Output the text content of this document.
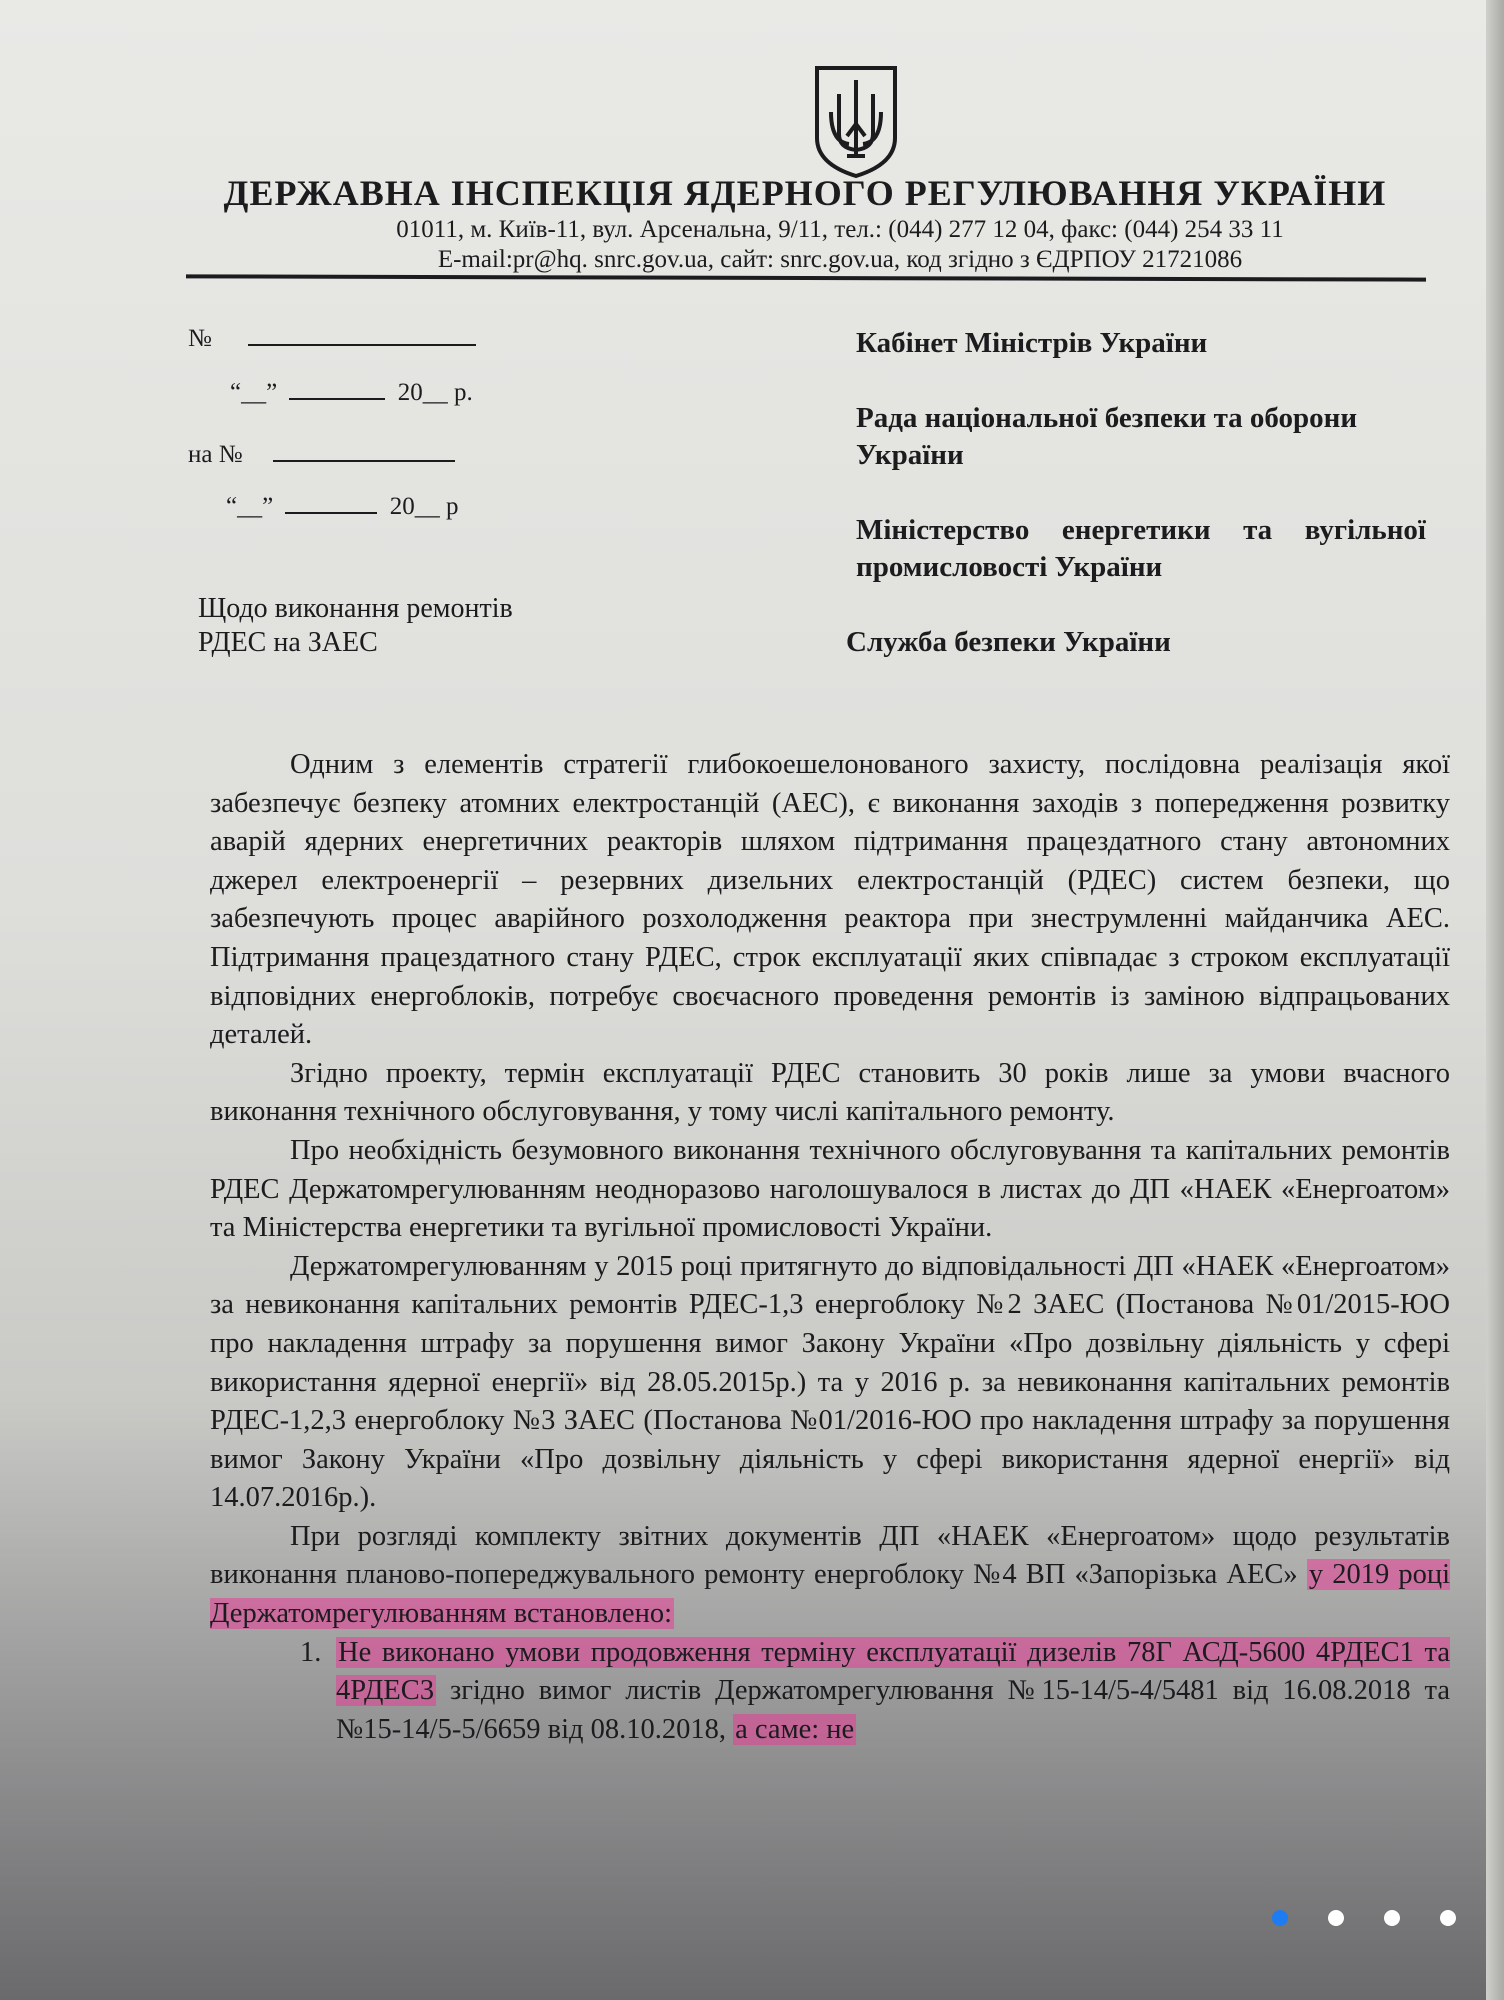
ДЕРЖАВНА ІНСПЕКЦІЯ ЯДЕРНОГО РЕГУЛЮВАННЯ УКРАЇНИ
01011, м. Київ-11, вул. Арсенальна, 9/11, тел.: (044) 277 12 04, факс: (044) 254 33 11
E-mail:pr@hq. snrc.gov.ua, сайт: snrc.gov.ua, код згідно з ЄДРПОУ 21721086
№
“__”	20__ р.
на №
“__”	20__ р
Щодо виконання ремонтів
РДЕС на ЗАЕС
Кабінет Міністрів України
Рада національної безпеки та оборони України
Міністерство енергетики та вугільної промисловості України
Служба безпеки України

Одним з елементів стратегії глибокоешелонованого захисту, послідовна реалізація якої забезпечує безпеку атомних електростанцій (АЕС), є виконання заходів з попередження розвитку аварій ядерних енергетичних реакторів шляхом підтримання працездатного стану автономних джерел електроенергії – резервних дизельних електростанцій (РДЕС) систем безпеки, що забезпечують процес аварійного розхолодження реактора при знеструмленні майданчика АЕС. Підтримання працездатного стану РДЕС, строк експлуатації яких співпадає з строком експлуатації відповідних енергоблоків, потребує своєчасного проведення ремонтів із заміною відпрацьованих деталей.

Згідно проекту, термін експлуатації РДЕС становить 30 років лише за умови вчасного виконання технічного обслуговування, у тому числі капітального ремонту.

Про необхідність безумовного виконання технічного обслуговування та капітальних ремонтів РДЕС Держатомрегулюванням неодноразово наголошувалося в листах до ДП «НАЕК «Енергоатом» та Міністерства енергетики та вугільної промисловості України.

Держатомрегулюванням у 2015 році притягнуто до відповідальності ДП «НАЕК «Енергоатом» за невиконання капітальних ремонтів РДЕС-1,3 енергоблоку №2 ЗАЕС (Постанова №01/2015-ЮО про накладення штрафу за порушення вимог Закону України «Про дозвільну діяльність у сфері використання ядерної енергії» від 28.05.2015р.) та у 2016 р. за невиконання капітальних ремонтів РДЕС-1,2,3 енергоблоку №3 ЗАЕС (Постанова №01/2016-ЮО про накладення штрафу за порушення вимог Закону України «Про дозвільну діяльність у сфері використання ядерної енергії» від 14.07.2016р.).

При розгляді комплекту звітних документів ДП «НАЕК «Енергоатом» щодо результатів виконання планово-попереджувального ремонту енергоблоку №4 ВП «Запорізька АЕС» у 2019 році Держатомрегулюванням встановлено:

1. Не виконано умови продовження терміну експлуатації дизелів 78Г АСД-5600 4РДЕС1 та 4РДЕС3 згідно вимог листів Держатомрегулювання №15-14/5-4/5481 від 16.08.2018 та №15-14/5-5/6659 від 08.10.2018, а саме: не
